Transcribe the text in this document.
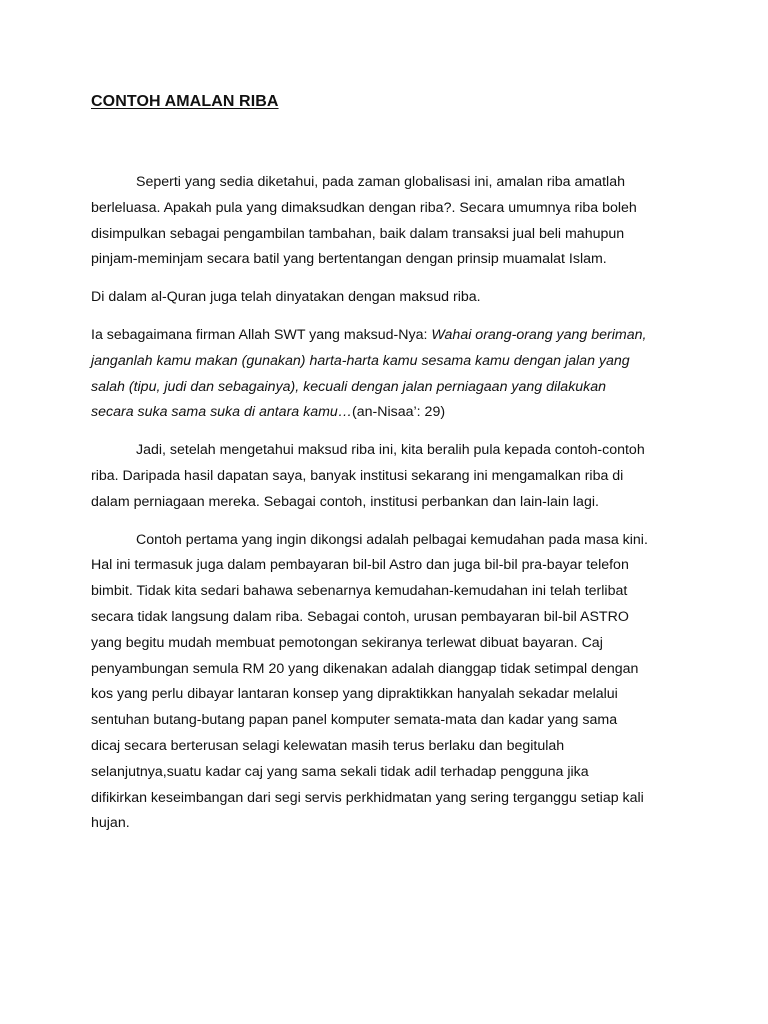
CONTOH AMALAN RIBA

Seperti yang sedia diketahui, pada zaman globalisasi ini, amalan riba amatlah
berleluasa. Apakah pula yang dimaksudkan dengan riba?. Secara umumnya riba boleh
disimpulkan sebagai pengambilan tambahan, baik dalam transaksi jual beli mahupun
pinjam-meminjam secara batil yang bertentangan dengan prinsip muamalat Islam.

Di dalam al-Quran juga telah dinyatakan dengan maksud riba.

Ia sebagaimana firman Allah SWT yang maksud-Nya: Wahai orang-orang yang beriman,
janganlah kamu makan (gunakan) harta-harta kamu sesama kamu dengan jalan yang
salah (tipu, judi dan sebagainya), kecuali dengan jalan perniagaan yang dilakukan
secara suka sama suka di antara kamu…(an-Nisaa’: 29)

Jadi, setelah mengetahui maksud riba ini, kita beralih pula kepada contoh-contoh
riba. Daripada hasil dapatan saya, banyak institusi sekarang ini mengamalkan riba di
dalam perniagaan mereka. Sebagai contoh, institusi perbankan dan lain-lain lagi.

Contoh pertama yang ingin dikongsi adalah pelbagai kemudahan pada masa kini.
Hal ini termasuk juga dalam pembayaran bil-bil Astro dan juga bil-bil pra-bayar telefon
bimbit. Tidak kita sedari bahawa sebenarnya kemudahan-kemudahan ini telah terlibat
secara tidak langsung dalam riba. Sebagai contoh, urusan pembayaran bil-bil ASTRO
yang begitu mudah membuat pemotongan sekiranya terlewat dibuat bayaran. Caj
penyambungan semula RM 20 yang dikenakan adalah dianggap tidak setimpal dengan
kos yang perlu dibayar lantaran konsep yang dipraktikkan hanyalah sekadar melalui
sentuhan butang-butang papan panel komputer semata-mata dan kadar yang sama
dicaj secara berterusan selagi kelewatan masih terus berlaku dan begitulah
selanjutnya,suatu kadar caj yang sama sekali tidak adil terhadap pengguna jika
difikirkan keseimbangan dari segi servis perkhidmatan yang sering terganggu setiap kali
hujan.
